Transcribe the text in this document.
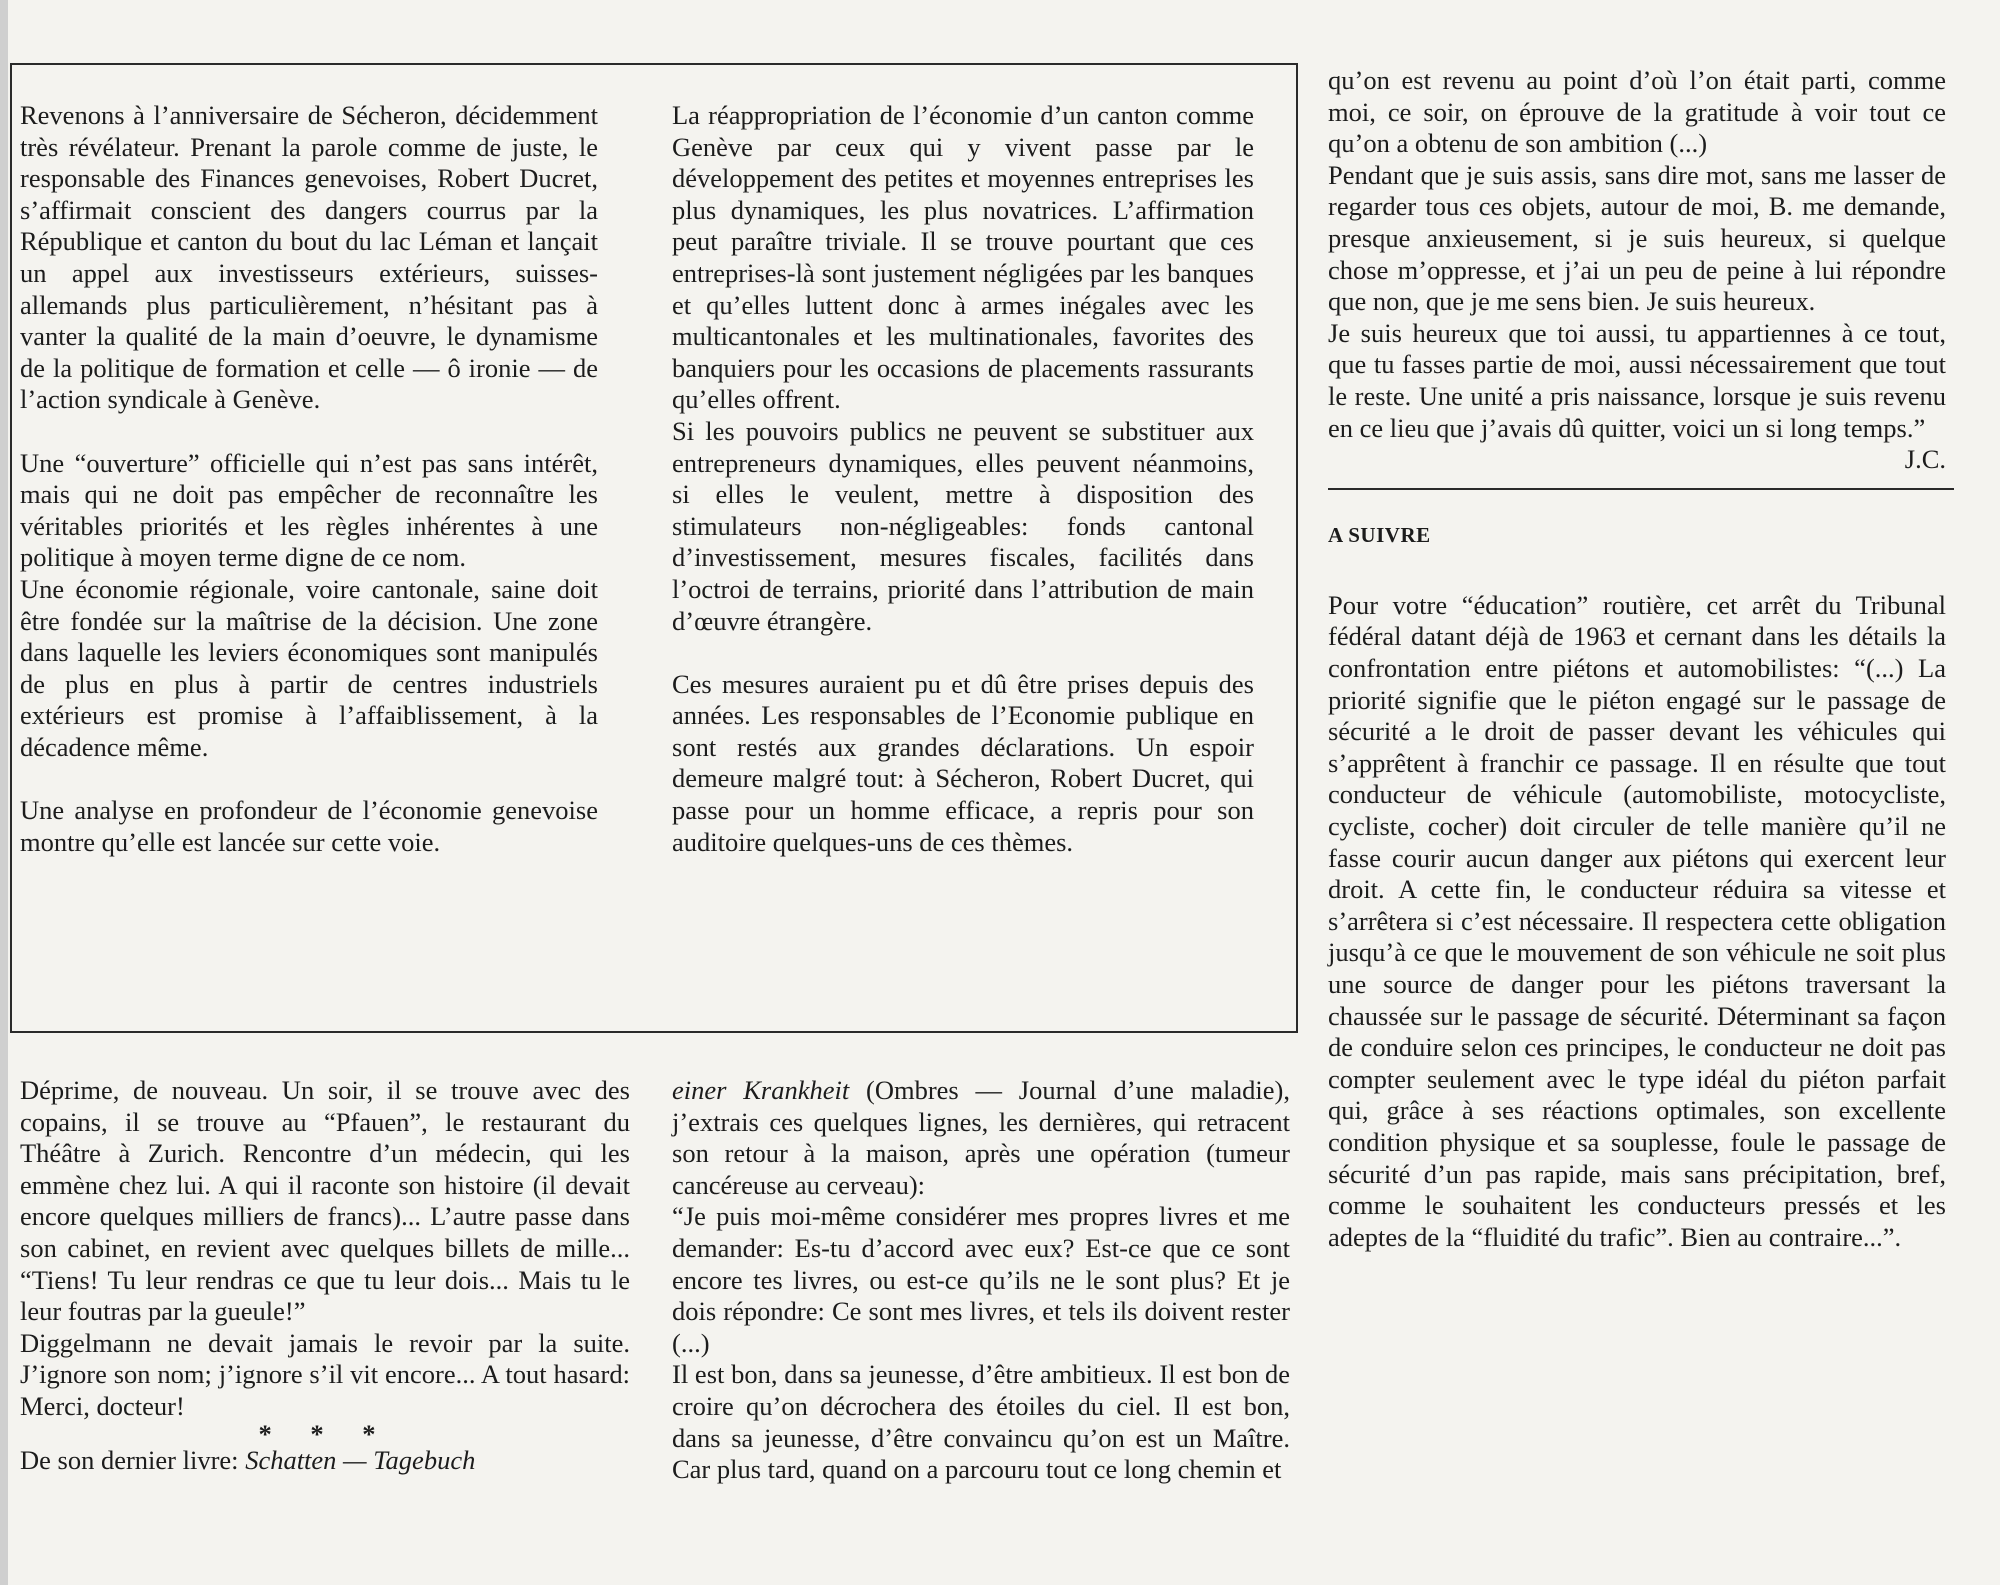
Revenons à l’anniversaire de Sécheron, décidemment très révélateur. Prenant la parole comme de juste, le responsable des Finances genevoises, Robert Ducret, s’affirmait conscient des dangers courrus par la République et canton du bout du lac Léman et lançait un appel aux investisseurs extérieurs, suisses-allemands plus particulièrement, n’hésitant pas à vanter la qualité de la main d’oeuvre, le dynamisme de la politique de formation et celle — ô ironie — de l’action syndicale à Genève.

Une “ouverture” officielle qui n’est pas sans intérêt, mais qui ne doit pas empêcher de reconnaître les véritables priorités et les règles inhérentes à une politique à moyen terme digne de ce nom.

Une économie régionale, voire cantonale, saine doit être fondée sur la maîtrise de la décision. Une zone dans laquelle les leviers économiques sont manipulés de plus en plus à partir de centres industriels extérieurs est promise à l’affaiblissement, à la décadence même.

Une analyse en profondeur de l’économie genevoise montre qu’elle est lancée sur cette voie.

La réappropriation de l’économie d’un canton comme Genève par ceux qui y vivent passe par le développement des petites et moyennes entreprises les plus dynamiques, les plus novatrices. L’affirmation peut paraître triviale. Il se trouve pourtant que ces entreprises-là sont justement négligées par les banques et qu’elles luttent donc à armes inégales avec les multicantonales et les multinationales, favorites des banquiers pour les occasions de placements rassurants qu’elles offrent.

Si les pouvoirs publics ne peuvent se substituer aux entrepreneurs dynamiques, elles peuvent néanmoins, si elles le veulent, mettre à disposition des stimulateurs non-négligeables: fonds cantonal d’investissement, mesures fiscales, facilités dans l’octroi de terrains, priorité dans l’attribution de main d’œuvre étrangère.

Ces mesures auraient pu et dû être prises depuis des années. Les responsables de l’Economie publique en sont restés aux grandes déclarations. Un espoir demeure malgré tout: à Sécheron, Robert Ducret, qui passe pour un homme efficace, a repris pour son auditoire quelques-uns de ces thèmes.

qu’on est revenu au point d’où l’on était parti, comme moi, ce soir, on éprouve de la gratitude à voir tout ce qu’on a obtenu de son ambition (...)

Pendant que je suis assis, sans dire mot, sans me lasser de regarder tous ces objets, autour de moi, B. me demande, presque anxieusement, si je suis heureux, si quelque chose m’oppresse, et j’ai un peu de peine à lui répondre que non, que je me sens bien. Je suis heureux.

Je suis heureux que toi aussi, tu appartiennes à ce tout, que tu fasses partie de moi, aussi nécessairement que tout le reste. Une unité a pris naissance, lorsque je suis revenu en ce lieu que j’avais dû quitter, voici un si long temps.”

J.C.

A SUIVRE

Pour votre “éducation” routière, cet arrêt du Tribunal fédéral datant déjà de 1963 et cernant dans les détails la confrontation entre piétons et automobilistes: “(...) La priorité signifie que le piéton engagé sur le passage de sécurité a le droit de passer devant les véhicules qui s’apprêtent à franchir ce passage. Il en résulte que tout conducteur de véhicule (automobiliste, motocycliste, cycliste, cocher) doit circuler de telle manière qu’il ne fasse courir aucun danger aux piétons qui exercent leur droit. A cette fin, le conducteur réduira sa vitesse et s’arrêtera si c’est nécessaire. Il respectera cette obligation jusqu’à ce que le mouvement de son véhicule ne soit plus une source de danger pour les piétons traversant la chaussée sur le passage de sécurité. Déterminant sa façon de conduire selon ces principes, le conducteur ne doit pas compter seulement avec le type idéal du piéton parfait qui, grâce à ses réactions optimales, son excellente condition physique et sa souplesse, foule le passage de sécurité d’un pas rapide, mais sans précipitation, bref, comme le souhaitent les conducteurs pressés et les adeptes de la “fluidité du trafic”. Bien au contraire...”.

Déprime, de nouveau. Un soir, il se trouve avec des copains, il se trouve au “Pfauen”, le restaurant du Théâtre à Zurich. Rencontre d’un médecin, qui les emmène chez lui. A qui il raconte son histoire (il devait encore quelques milliers de francs)... L’autre passe dans son cabinet, en revient avec quelques billets de mille... “Tiens! Tu leur rendras ce que tu leur dois... Mais tu le leur foutras par la gueule!”

Diggelmann ne devait jamais le revoir par la suite. J’ignore son nom; j’ignore s’il vit encore... A tout hasard: Merci, docteur!

* * *

De son dernier livre: Schatten — Tagebuch

einer Krankheit (Ombres — Journal d’une maladie), j’extrais ces quelques lignes, les dernières, qui retracent son retour à la maison, après une opération (tumeur cancéreuse au cerveau):

“Je puis moi-même considérer mes propres livres et me demander: Es-tu d’accord avec eux? Est-ce que ce sont encore tes livres, ou est-ce qu’ils ne le sont plus? Et je dois répondre: Ce sont mes livres, et tels ils doivent rester (...)

Il est bon, dans sa jeunesse, d’être ambitieux. Il est bon de croire qu’on décrochera des étoiles du ciel. Il est bon, dans sa jeunesse, d’être convaincu qu’on est un Maître. Car plus tard, quand on a parcouru tout ce long chemin et
